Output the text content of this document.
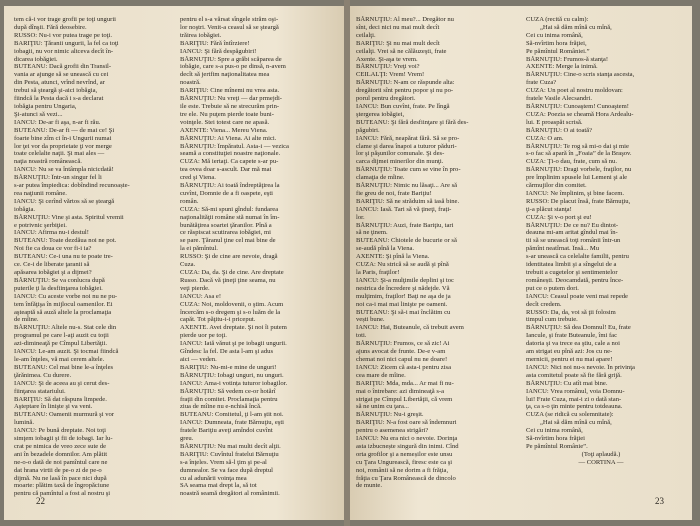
tem că-i vor trage grofii pe toţi ungurii
după dînşii. Fără deosebire.
RUSSO: Nu-i vor putea trage pe toţi.
BARIŢIU: Ţăranii ungurii, la fel ca toţi
iobagii, nu vor nimic altceva decît în-
dicarea iobăgiei.
BUTEANU: Dacă grofii din Transil-
vania ar ajunge să se unească cu cei
din Pesta, atunci, vrînd nevrînd, ar
trebui să şteargă şi-aici iobăgia,
fiindcă la Pesta dacă i s-a declarat
iobăgia pentru Ungaria,
Şi-atunci să vezi...
IANCU: De-ar fi aşa, n-ar fi rău.
BUTEANU: De-ar fi — de mai ce! Şi
foarte bine zîm ci în-i Ungurii numai
lor ţei vor da proprietate ţi vor merge
toate celelalte naţii. Şi mai ales —
naţia noastră românească.
IANCU: Nu se va întâmpla nicicdată!
BĂRNUŢIU: Într-un singur fel li
s-ar putea împiedica: dobîndind recunoaște-
rea naţiunii române.
IANCU: Şi cerînd vărtos să se şteargă
iobăgia.
BĂRNUŢIU: Vine şi asta. Spiritul vremii
e potrivnic şerbiţiei.
IANCU: Afirma nu-i destul!
BUTEANU: Toate dezdăua noi ne pot.
Noi fie ca doua ce vor fi-i ia?
BUTEANU: Ce-i una nu te poate tre-
ce. Ce-i de liberate ţaranii să
apăsarea iobăgiei şi a dijmei?
BĂRNUŢIU: Se va conlucra după
puterile ţi la desfiinţarea iobăgiei.
IANCU: Cu aceste vorbe noi nu ne pu-
tem înfăţişa în mijlocul oamenilor. Ei
aşteaptă să auză altele la proclamaţia
de mîine.
BĂRNUŢIU: Altele nu-s. Stat cele din
programul pe care l-aţi auzit cu toţii
azi-dimineaţă pe Cîmpul Libertăţii.
IANCU: Le-am auzit. Şi tocmai fiindcă
le-am înţeles, vă mai cerem altele.
BUTEANU: Cel mai bine le-a înţeles
ţărănimea. Cu durere.
IANCU: Şi de aceea au şi cerut des-
fiinţarea statariului.
BARIŢIU: Să dat răspuns limpede.
Aşteptare în linişte şi va veni.
BUTEANU: Oamenii murmură şi vor
lumină.
IANCU: Pe bună dreptate. Noi toţi
simţem iobagii şi fii de iobagi. Iar lu-
crat pe nimica de vreo zece sute de
ani în bezadele domnilor. Am plătit
ne-o-o dată de noi pamîntul care ne
dat hrana virtii de pe-o zi de pe-o
dijmă. Nu ne lasă în pace nici după
moarte: plătim taxă de îngropăciune
pentru că pamîntul a fost al nostru şi
pentru el s-a vărsat sîngele străm oşi-
lor noştri. Venit-a ceasul să se şteargă
trăirea iobăgiei.
BARIŢIU: Fără întîrziere!
IANCU: Şi fără despăgubiri!
BĂRNUŢIU: Spre a grăbi scăparea de
iobăgie, care s-a pus-o pe dinsă, n-avem
decît să jertfim naţionalitatea mea
noastră.
BARIŢIU: Cine mînemi nu vrea asta.
BĂRNUŢIU: Nu vreţi — dar prmejdi-
ile este. Trebuie să ne strecurăm prin-
tre ele. Nu puţem pierde toate buni-
voinţele. Stei totest care ne apasă.
AXENTE: Viena... Mereu Viena.
BĂRNUŢIU: Ai Viena. Ai alte mici.
BĂRNUŢIU: Împăratul. Asta-i — vezica
seamă a constituţiei noastre naţionale.
CUZA: Mă iertaţi. Ca capete s-ar pu-
tea ovea doar s-ascult. Dar mă mai
cred şi Viena.
BĂRNUŢIU: Ai toată îndreptăţirea la
cuvînt, Domnie de a fi oaspete, eşti
român.
CUZA: Să-mi spuni gîndul: fundarea
naţionalităţii române stă numai în îm-
bunătăţirea soartei ţăranilor. Pînă a
ce răspiscat scutirarea iobăgiei, mi
se pare. Ţăranul ţine cel mai bine de
la ei pămîntul.
RUSSO: Şi de cine are nevoie, dragă
Cuza.
CUZA: Da, da. Şi de cine. Are dreptate
Russo. Dacă vă ţineţi ţine seama, nu
veţi pierde.
IANCU: Asa e!
CUZA: Noi, moldovenii, o ştim. Acum
încercăm s-o dregem şi s-o luăm de la
capăt. Tot păţitu-i-i priceput.
AXENTE. Avei dreptate. Şi noi îi putem
pierde uor pe toţi.
IANCU: Iată vănut şi pe iobagii ungurii.
Gîndesc la fel. De asta l-am şi adus
aici — veden.
BARIŢIU: Nu-mi-e mine de unguri!
BĂRNUŢIU: Iobagi unguri, nu unguri.
IANCU: Ama-i votința tuturor iobagilor.
BĂRNUŢIU: Să vedem ce-or hotărî
fraţii din comitet. Proclamaţia pentru
ziua de mîine nu e-nchisă încă.
BUTEANU: Comitetul, ţi l-am ştit noi.
IANCU: Dumneata, frate Bărnuţiu, eşti
fratele Bariţiu aveţi amîndoi cuvînt
greu.
BĂRNUŢIU: Nu mai multi decît alţii.
BARIŢIU: Cuvîntul fratelui Bărnuţiu
s-a înţeles. Vrem să-l ţim şi pe-al
dumnealor. Se va face după dreptul
cu al adunării voinţa mea
SA seama mai drept la, să tot
noastră seamă dregători al românimii.
22
BĂRNUŢIU: Al meu?... Dregător nu
sînt, deci nici nu mai mult decît
ceilalţi.
BARIŢIU: Şi nu mai mult decît
ceilalţi. Vrei să ne călăuzeşti, frate
Axente. Şi-aşa te vrem.
BĂRNUŢIU: Vreţi voi?
CEILALŢI: Vrem! Vrem!
BĂRNUŢIU: N-am ce răspunde alta:
dregătorii sînt pentru popor şi nu po-
porul pentru dregători.
IANCU: Bun cuvînt, frate. Pe lîngă
ştergerea iobăgiei,
BUTEANU: Şi fără desfiinţare şi fără des-
păgubiri.
IANCU: Fără, neapărat fără. Să se pro-
clame şi darea înapoi a tuturor păduri-
lor şi păşunilor comunale. Şi des-
carca dijmei minerilor din munţi.
BĂRNUŢIU: Toate cum se vine în pro-
clamaţia de mîine.
BĂRNUŢIU: Nimic nu lăsaţi... Are să
fie greu de noi, frate Bariţiu!
BARIŢIU: Să ne străduim să iasă bine.
IANCU: Iasă. Tari să vă ţineţi, frați-
lor.
BĂRNUŢIU: Auzi, frate Bariţiu, tari
să ne ţinem.
BUTEANU: Chiotele de bucurie or să
se-audă pînă la Viena.
AXENTE: Şi pînă la Viena.
CUZA: Nu strică să se audă şi pînă
la Paris, fraţilor!
IANCU: Şi-a mulţimile deplini şi toc
nestrica de încredere şi nădejde. Vă
mulţimim, fraţilor! Baţi ne aşa de ja
noi ca-i mai mai linişte pe oameni.
BUTEANU: Şi să-i mai înclătim cu
vești bune.
IANCU: Hai, Buteanule, că trebuit avem
toti.
BĂRNUŢIU: Frumos, ce să zic! Ai
ajuns avocat de frunte. De-e v-am
chemat noi nici capul nu ne doare!
IANCU: Zicem că asta-i pentru zisa
cea mare de mîine.
BARIŢIU: Mda, mda... Ar mai fi nu-
mai o întrebare: azi dimineaţă s-a
strigat pe Cîmpul Libertăţii, că vrem
să ne unim cu ţara...
BĂRNUŢIU: Nu-i greşit.
BARIŢIU: N-a fost oare să îndemnuri
pentru o asemenea strigări?
IANCU: Nu era nici o nevoie. Dorinţa
asta izbucnește singură din inimi. Cînd
orta grofilor şi a nemeșilor este unsu
cu Ţara Ungurească, firesc este ca şi
noi, românii să ne dorim a fi frăţia,
frăţia cu Ţara Românească de dincolo
de munte.
CUZA (recită cu calm):
„Hai să dăm mînă cu mînă,
Cei cu inima română,
Să-nvîrtim hora frăţiei,
Pe pămîntul României.”
BĂRNUŢIU: Frumos-ă stanţa!
AXENTE: Merge la inimă.
BĂRNUŢIU: Cine-o scris stanţa ascesta,
frate Cuza?
CUZA: Un poet al nostru moldovan:
fratele Vasile Alecsandri.
BĂRNUŢIU: Cunoaştem! Cunoaştem!
CUZA: Poezia se cheamă Hora Ardealu-
lui. E proaspăt scrisă.
BĂRNUŢIU: O ai toată?
CUZA: O am.
BĂRNUŢIU: Te rog să mi-o dai şi mie
s-o fac să apară în „Foaia” de la Braşov.
CUZA: Ţi-o dau, frate, cum să nu.
BĂRNUŢIU: Dragi vorbele, fraţilor, nu
pre împlinim spusele lui Lemeni şi ale
cărmujilor din comitet.
IANCU: Ne împlinim, şi bine facem.
RUSSO: De placut însă, frate Bărnuţiu,
ţi-a plăcut stanţa!
CUZA: Şi v-o port şi eu!
BĂRNUŢIU: De ce nu? Eu dintot-
deauna mi-am aritat gîndul mai în-
tii să se unească toţi românii într-un
pămînt neatîrnat. Însă... Mu
s-ar unească ca celelalte familii, pentru
identitatea limbii şi a sîngelui de a
trebuit a cugetelor şi sentimentelor
românești. Deocamdată, pentru înce-
put ce o putem dori.
IANCU: Ceasul poate veni mai repede
decît credem.
RUSSO: Da, da, voi să ţii folosim
timpul cum trebuie.
BĂRNUŢIU: Să dea Domnul! Eu, frate
Iancule, şi frate Buteanule, îmi fac
datoria şi va trece ea ştiu, cale a noi
am strigat eu pînă azi: Jos cu ne-
mernicii, pentru ei nu mai apare!
IANCU: Nici noi nu-s nevoie. În privinţa
asta comitetul poate să fie fără grijă.
BĂRNUŢIU: Cu atît mai bine.
IANCU: Vrea românul, voia Domnu-
lui! Frate Cuza, mai-i zi o dată stan-
ţa, ca s-o ţin minte pentru totdeauna.
CUZA (se ridică cu solemnitate):
„Hai să dăm mînă cu mînă,
Cei cu inima română,
Să-nvîrtim hora frăţiei
Pe pămîntul Românie”.
(Toţi aplaudă.)
— CORTINA —
23
